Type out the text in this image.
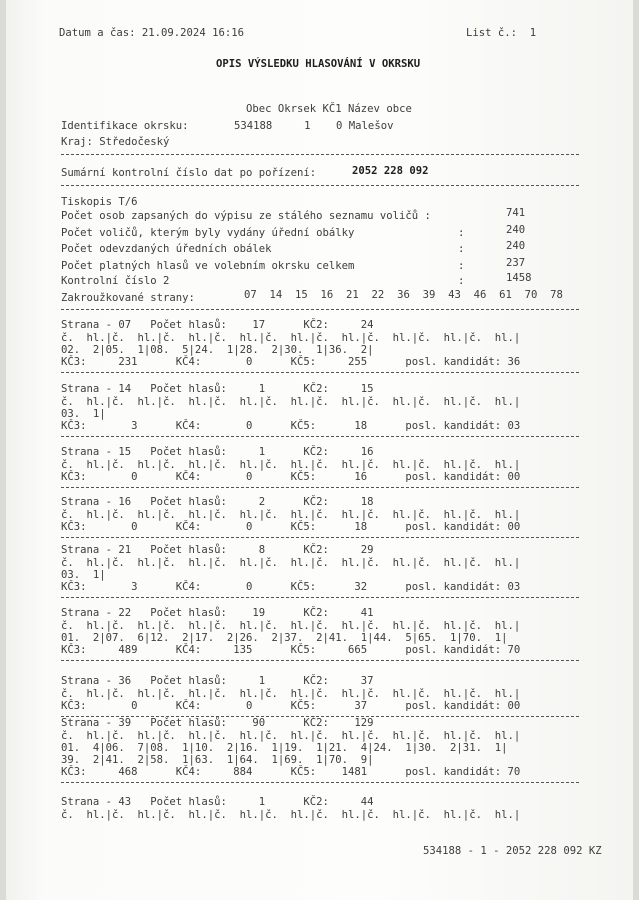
Datum a čas: 21.09.2024 16:16	List č.:  1
OPIS VÝSLEDKU HLASOVÁNÍ V OKRSKU
Obec Okrsek KČ1 Název obce
Identifikace okrsku:	534188     1    0 Malešov
Kraj: Středočeský
Sumární kontrolní číslo dat po pořízení:	2052 228 092
Tiskopis T/6
Počet osob zapsaných do výpisu ze stálého seznamu voličů :	741
Počet voličů, kterým byly vydány úřední obálky	:	240
Počet odevzdaných úředních obálek	:	240
Počet platných hlasů ve volebním okrsku celkem	:	237
Kontrolní číslo 2	:	1458
Zakroužkované strany:	07  14  15  16  21  22  36  39  43  46  61  70  78
Strana - 07   Počet hlasů:    17      KČ2:     24
č.  hl.|č.  hl.|č.  hl.|č.  hl.|č.  hl.|č.  hl.|č.  hl.|č.  hl.|č.  hl.|
02.  2|05.  1|08.  5|24.  1|28.  2|30.  1|36.  2|
KČ3:     231      KČ4:       0      KČ5:     255      posl. kandidát: 36
Strana - 14   Počet hlasů:     1      KČ2:     15
č.  hl.|č.  hl.|č.  hl.|č.  hl.|č.  hl.|č.  hl.|č.  hl.|č.  hl.|č.  hl.|
03.  1|
KČ3:       3      KČ4:       0      KČ5:      18      posl. kandidát: 03
Strana - 15   Počet hlasů:     1      KČ2:     16
č.  hl.|č.  hl.|č.  hl.|č.  hl.|č.  hl.|č.  hl.|č.  hl.|č.  hl.|č.  hl.|
KČ3:       0      KČ4:       0      KČ5:      16      posl. kandidát: 00
Strana - 16   Počet hlasů:     2      KČ2:     18
č.  hl.|č.  hl.|č.  hl.|č.  hl.|č.  hl.|č.  hl.|č.  hl.|č.  hl.|č.  hl.|
KČ3:       0      KČ4:       0      KČ5:      18      posl. kandidát: 00
Strana - 21   Počet hlasů:     8      KČ2:     29
č.  hl.|č.  hl.|č.  hl.|č.  hl.|č.  hl.|č.  hl.|č.  hl.|č.  hl.|č.  hl.|
03.  1|
KČ3:       3      KČ4:       0      KČ5:      32      posl. kandidát: 03
Strana - 22   Počet hlasů:    19      KČ2:     41
č.  hl.|č.  hl.|č.  hl.|č.  hl.|č.  hl.|č.  hl.|č.  hl.|č.  hl.|č.  hl.|
01.  2|07.  6|12.  2|17.  2|26.  2|37.  2|41.  1|44.  5|65.  1|70.  1|
KČ3:     489      KČ4:     135      KČ5:     665      posl. kandidát: 70
Strana - 36   Počet hlasů:     1      KČ2:     37
č.  hl.|č.  hl.|č.  hl.|č.  hl.|č.  hl.|č.  hl.|č.  hl.|č.  hl.|č.  hl.|
KČ3:       0      KČ4:       0      KČ5:      37      posl. kandidát: 00
Strana - 39   Počet hlasů:    90      KČ2:    129
č.  hl.|č.  hl.|č.  hl.|č.  hl.|č.  hl.|č.  hl.|č.  hl.|č.  hl.|č.  hl.|
01.  4|06.  7|08.  1|10.  2|16.  1|19.  1|21.  4|24.  1|30.  2|31.  1|
39.  2|41.  2|58.  1|63.  1|64.  1|69.  1|70.  9|
KČ3:     468      KČ4:     884      KČ5:    1481      posl. kandidát: 70
Strana - 43   Počet hlasů:     1      KČ2:     44
č.  hl.|č.  hl.|č.  hl.|č.  hl.|č.  hl.|č.  hl.|č.  hl.|č.  hl.|č.  hl.|
534188 - 1 - 2052 228 092 KZ
